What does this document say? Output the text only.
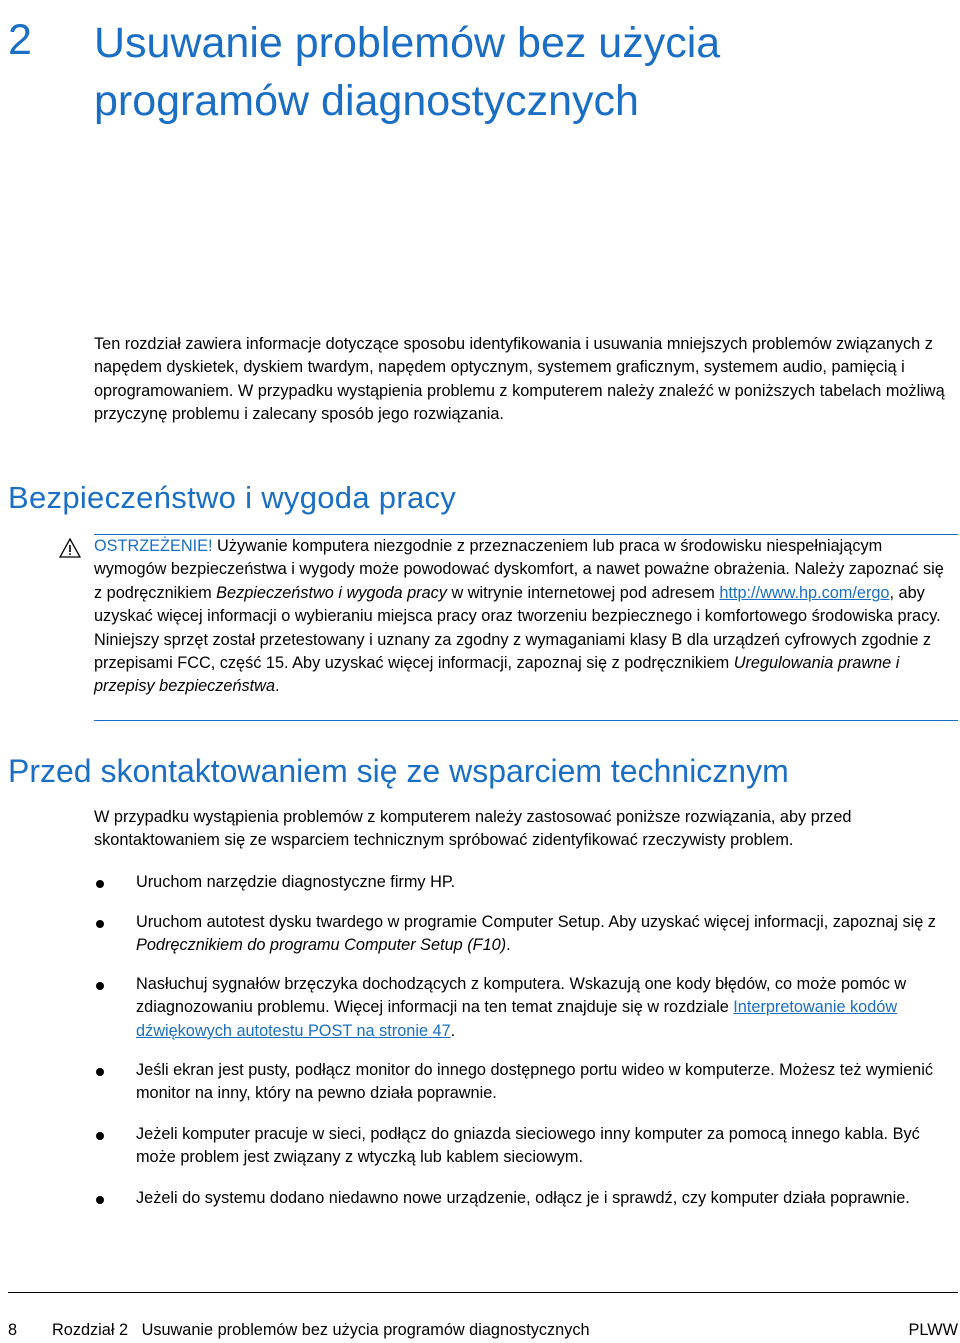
2 Usuwanie problemów bez użycia programów diagnostycznych

Ten rozdział zawiera informacje dotyczące sposobu identyfikowania i usuwania mniejszych problemów związanych z napędem dyskietek, dyskiem twardym, napędem optycznym, systemem graficznym, systemem audio, pamięcią i oprogramowaniem. W przypadku wystąpienia problemu z komputerem należy znaleźć w poniższych tabelach możliwą przyczynę problemu i zalecany sposób jego rozwiązania.

Bezpieczeństwo i wygoda pracy

OSTRZEŻENIE! Używanie komputera niezgodnie z przeznaczeniem lub praca w środowisku niespełniającym wymogów bezpieczeństwa i wygody może powodować dyskomfort, a nawet poważne obrażenia. Należy zapoznać się z podręcznikiem Bezpieczeństwo i wygoda pracy w witrynie internetowej pod adresem http://www.hp.com/ergo, aby uzyskać więcej informacji o wybieraniu miejsca pracy oraz tworzeniu bezpiecznego i komfortowego środowiska pracy. Niniejszy sprzęt został przetestowany i uznany za zgodny z wymaganiami klasy B dla urządzeń cyfrowych zgodnie z przepisami FCC, część 15. Aby uzyskać więcej informacji, zapoznaj się z podręcznikiem Uregulowania prawne i przepisy bezpieczeństwa.

Przed skontaktowaniem się ze wsparciem technicznym

W przypadku wystąpienia problemów z komputerem należy zastosować poniższe rozwiązania, aby przed skontaktowaniem się ze wsparciem technicznym spróbować zidentyfikować rzeczywisty problem.

Uruchom narzędzie diagnostyczne firmy HP.
Uruchom autotest dysku twardego w programie Computer Setup. Aby uzyskać więcej informacji, zapoznaj się z Podręcznikiem do programu Computer Setup (F10).
Nasłuchuj sygnałów brzęczyka dochodzących z komputera. Wskazują one kody błędów, co może pomóc w zdiagnozowaniu problemu. Więcej informacji na ten temat znajduje się w rozdziale Interpretowanie kodów dźwiękowych autotestu POST na stronie 47.
Jeśli ekran jest pusty, podłącz monitor do innego dostępnego portu wideo w komputerze. Możesz też wymienić monitor na inny, który na pewno działa poprawnie.
Jeżeli komputer pracuje w sieci, podłącz do gniazda sieciowego inny komputer za pomocą innego kabla. Być może problem jest związany z wtyczką lub kablem sieciowym.
Jeżeli do systemu dodano niedawno nowe urządzenie, odłącz je i sprawdź, czy komputer działa poprawnie.
8 Rozdział 2   Usuwanie problemów bez użycia programów diagnostycznych	PLWW
